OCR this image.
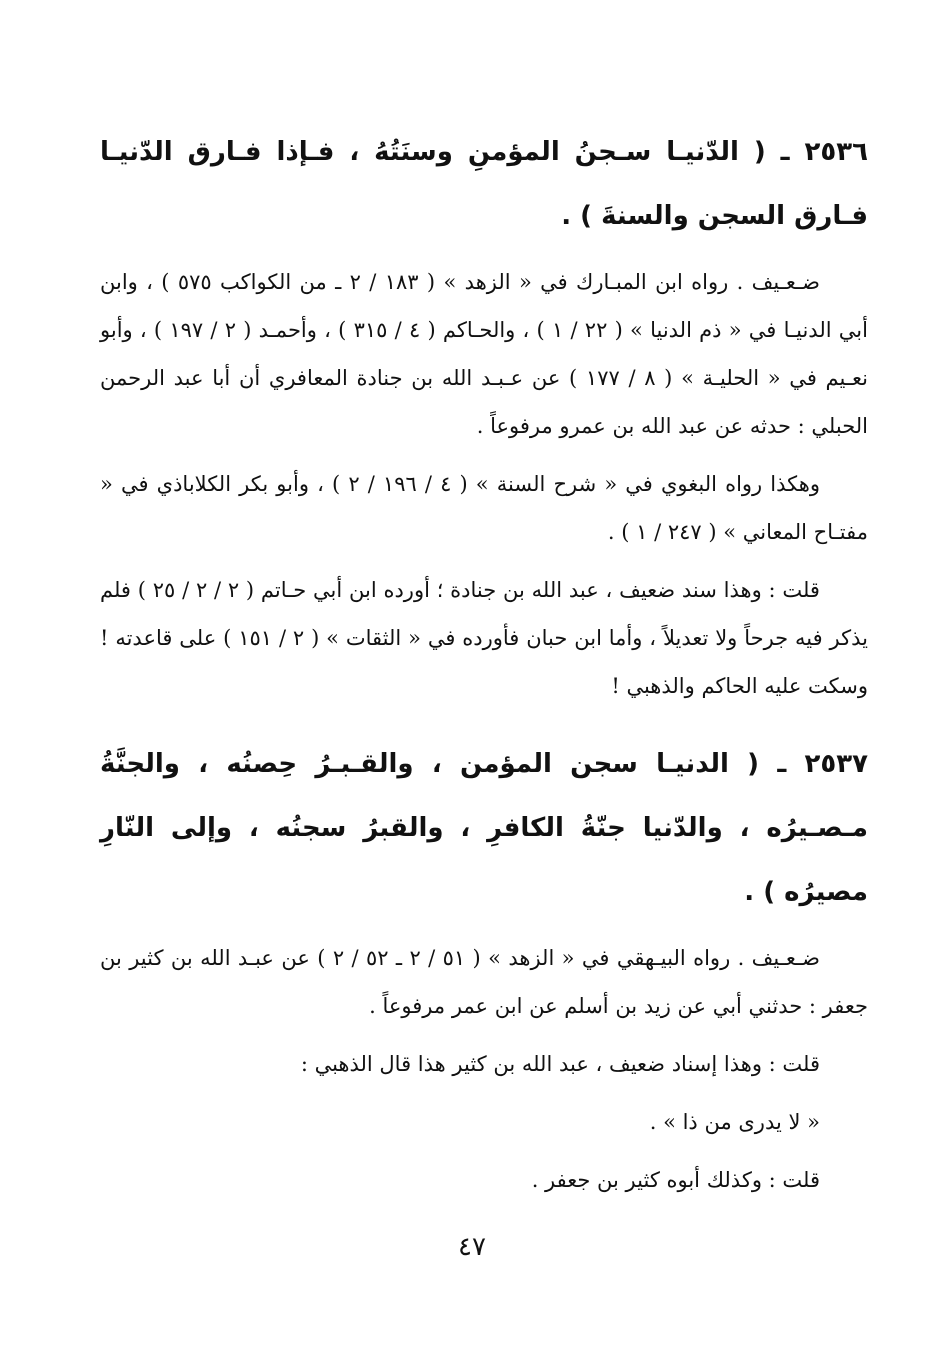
٢٥٣٦ ـ ( الدّنيـا سـجنُ المؤمنِ وسنَتُهُ ، فـإذا فـارق الدّنيـا فـارق السجن والسنةَ ) .

ضـعـيف . رواه ابن المبـارك في « الزهد » ( ١٨٣ / ٢ ـ من الكواكب ٥٧٥ ) ، وابن أبي الدنيـا في « ذم الدنيا » ( ٢٢ / ١ ) ، والحـاكم ( ٤ / ٣١٥ ) ، وأحمـد ( ٢ / ١٩٧ ) ، وأبو نعـيم في « الحليـة » ( ٨ / ١٧٧ ) عن عـبـد الله بن جنادة المعافري أن أبا عبد الرحمن الحبلي : حدثه عن عبد الله بن عمرو مرفوعاً .

وهكذا رواه البغوي في « شرح السنة » ( ٤ / ١٩٦ / ٢ ) ، وأبو بكر الكلاباذي في « مفتـاح المعاني » ( ٢٤٧ / ١ ) .

قلت : وهذا سند ضعيف ، عبد الله بن جنادة ؛ أورده ابن أبي حـاتم ( ٢ / ٢ / ٢٥ ) فلم يذكر فيه جرحاً ولا تعديلاً ، وأما ابن حبان فأورده في « الثقات » ( ٢ / ١٥١ ) على قاعدته ! وسكت عليه الحاكم والذهبي !

٢٥٣٧ ـ ( الدنيـا سجن المؤمن ، والقـبـرُ حِصنُه ، والجنَّةُ مـصـيرُه ، والدّنيا جنّةُ الكافرِ ، والقبرُ سجنُه ، وإلى النّارِ مصيرُه ) .

ضـعـيف . رواه البيـهقي في « الزهد » ( ٥١ / ٢ ـ ٥٢ / ٢ ) عن عبـد الله بن كثير بن جعفر : حدثني أبي عن زيد بن أسلم عن ابن عمر مرفوعاً .

قلت : وهذا إسناد ضعيف ، عبد الله بن كثير هذا قال الذهبي :

« لا يدرى من ذا » .

قلت : وكذلك أبوه كثير بن جعفر .

٤٧
